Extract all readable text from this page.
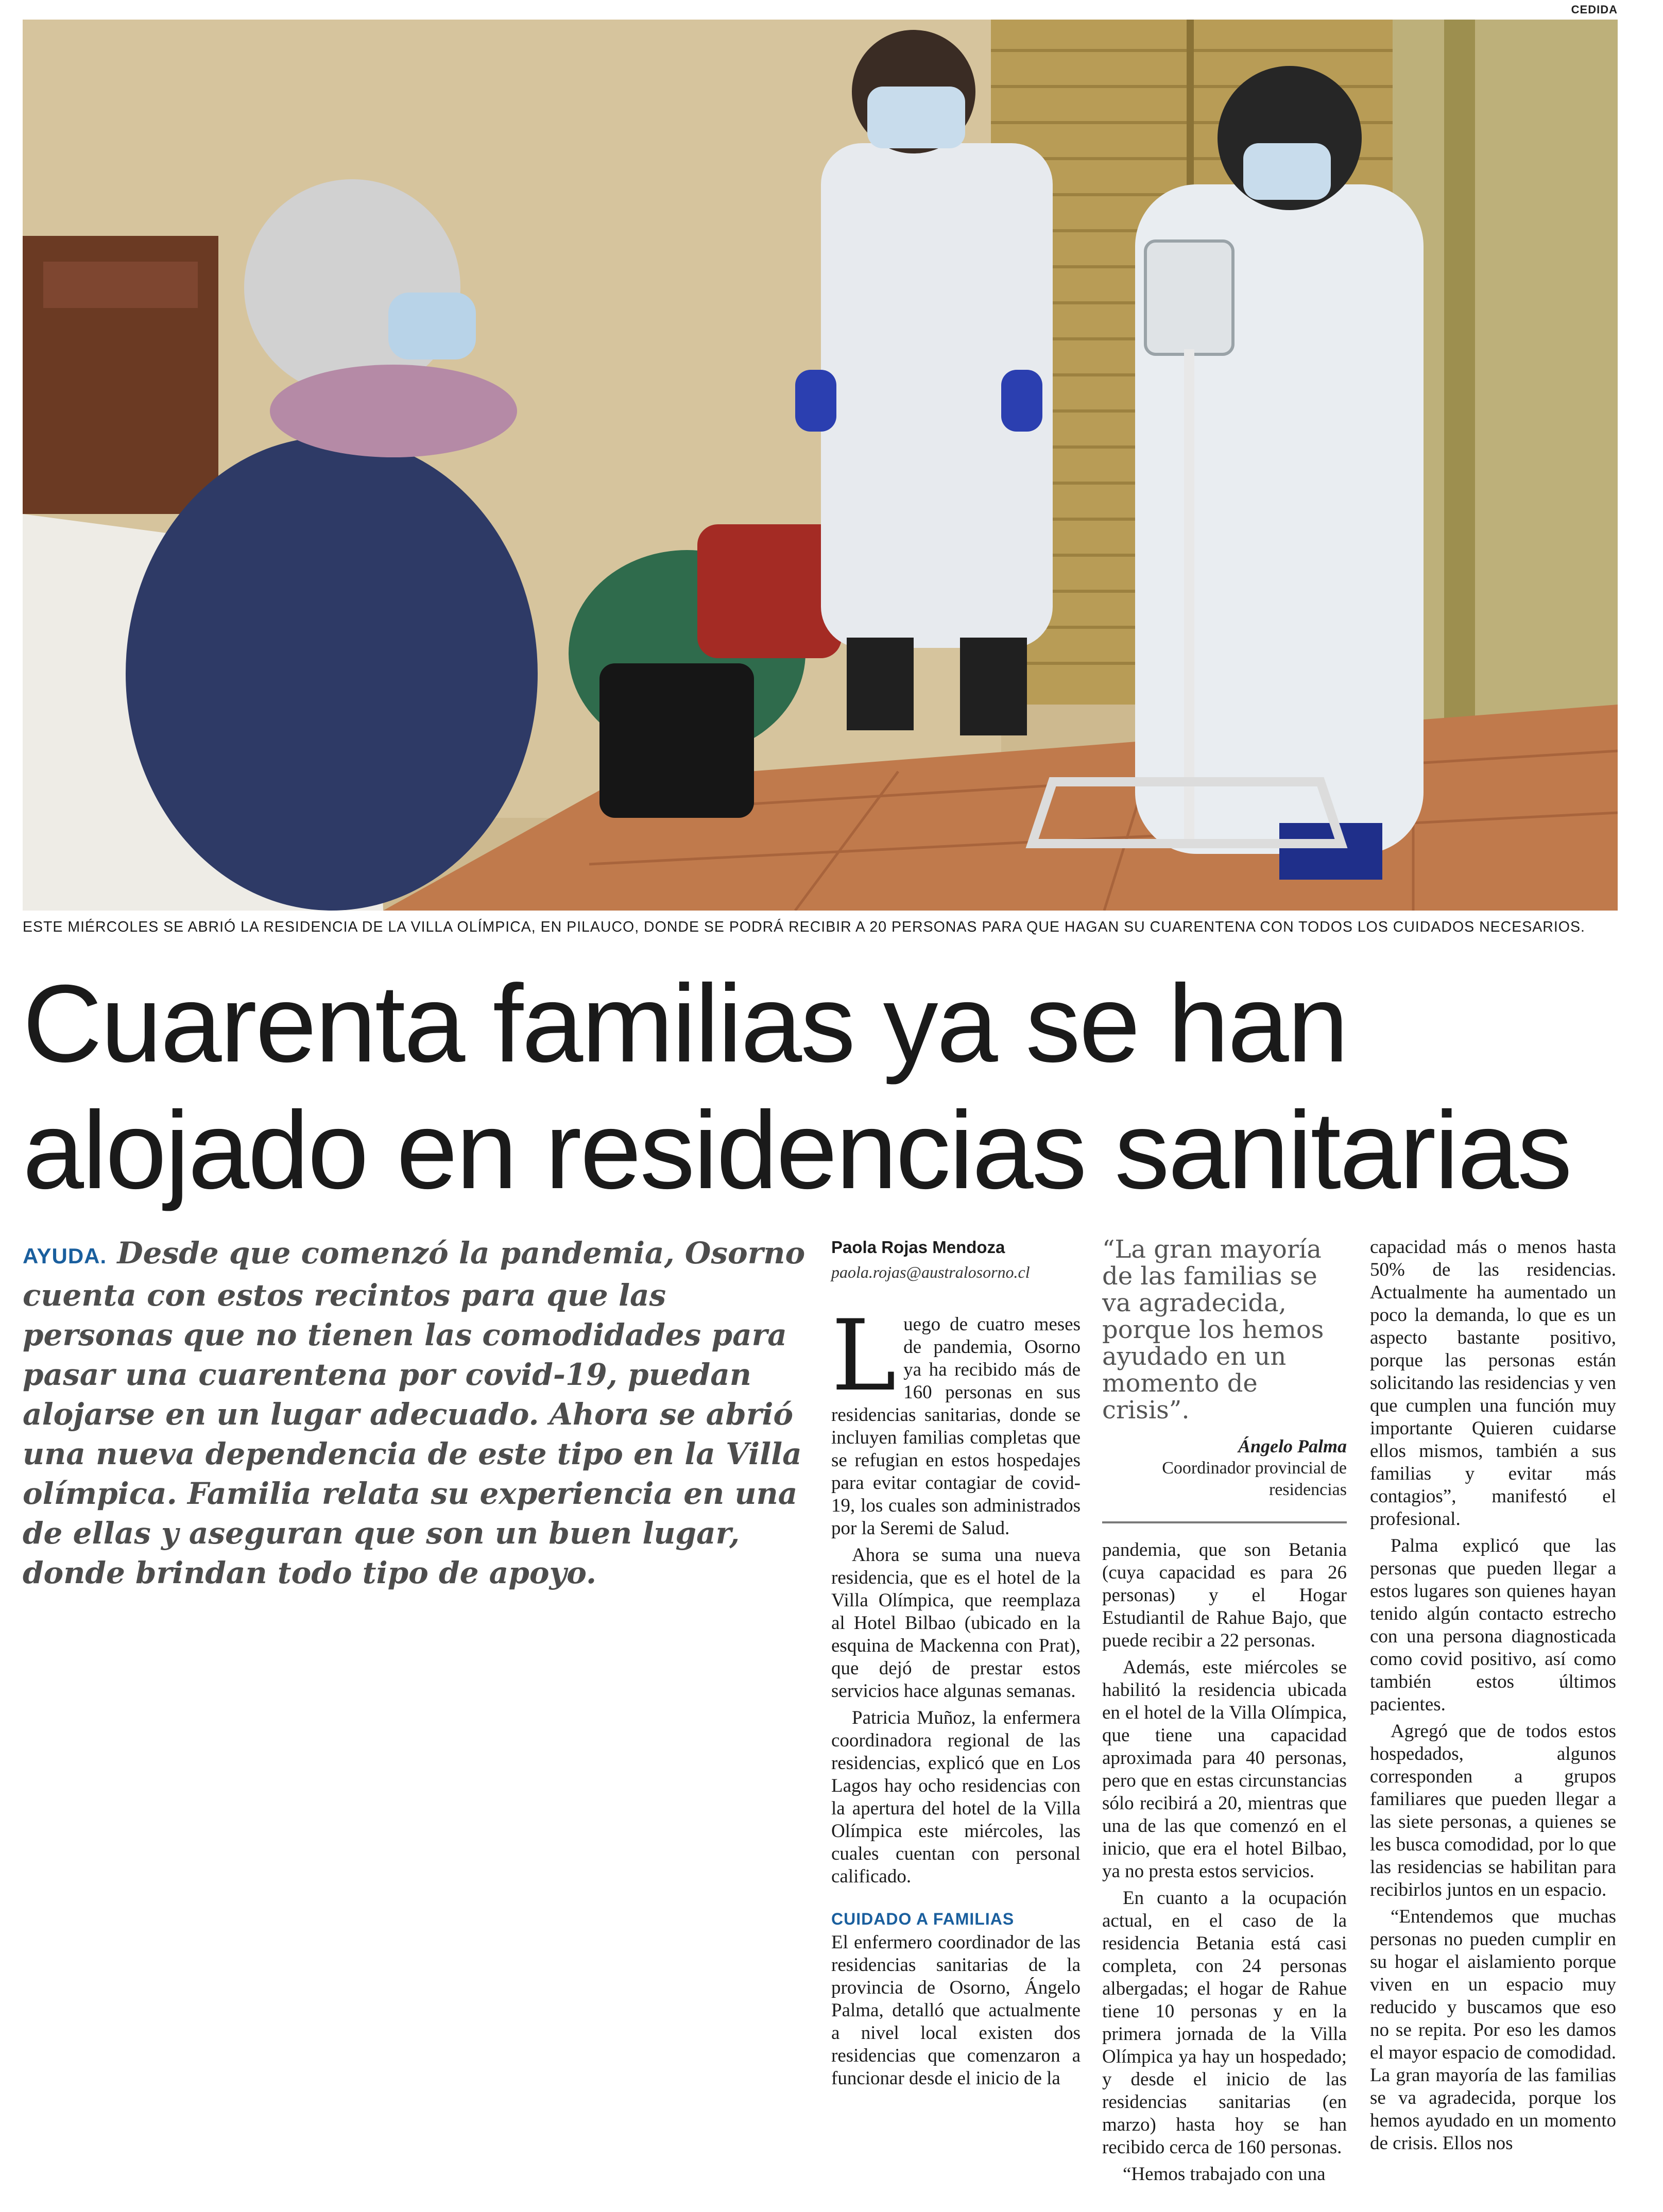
CEDIDA
ESTE MIÉRCOLES SE ABRIÓ LA RESIDENCIA DE LA VILLA OLÍMPICA, EN PILAUCO, DONDE SE PODRÁ RECIBIR A 20 PERSONAS PARA QUE HAGAN SU CUARENTENA CON TODOS LOS CUIDADOS NECESARIOS.
Cuarenta familias ya se han
alojado en residencias sanitarias

AYUDA. Desde que comenzó la pandemia, Osorno cuenta con estos recintos para que las personas que no tienen las comodidades para pasar una cuarentena por covid-19, puedan alojarse en un lugar adecuado. Ahora se abrió una nueva dependencia de este tipo en la Villa olímpica. Familia relata su experiencia en una de ellas y aseguran que son un buen lugar, donde brindan todo tipo de apoyo.

Paola Rojas Mendoza
paola.rojas@australosorno.cl

Luego de cuatro meses de pandemia, Osorno ya ha recibido más de 160 personas en sus residencias sanitarias, donde se incluyen familias completas que se refugian en estos hospedajes para evitar contagiar de covid-19, los cuales son administrados por la Seremi de Salud.

Ahora se suma una nueva residencia, que es el hotel de la Villa Olímpica, que reemplaza al Hotel Bilbao (ubicado en la esquina de Mackenna con Prat), que dejó de prestar estos servicios hace algunas semanas.

Patricia Muñoz, la enfermera coordinadora regional de las residencias, explicó que en Los Lagos hay ocho residencias con la apertura del hotel de la Villa Olímpica este miércoles, las cuales cuentan con personal calificado.

CUIDADO A FAMILIAS

El enfermero coordinador de las residencias sanitarias de la provincia de Osorno, Ángelo Palma, detalló que actualmente a nivel local existen dos residencias que comenzaron a funcionar desde el inicio de la

“La gran mayoría de las familias se va agradecida, porque los hemos ayudado en un momento de crisis”.
Ángelo Palma
Coordinador provincial de residencias

pandemia, que son Betania (cuya capacidad es para 26 personas) y el Hogar Estudiantil de Rahue Bajo, que puede recibir a 22 personas.

Además, este miércoles se habilitó la residencia ubicada en el hotel de la Villa Olímpica, que tiene una capacidad aproximada para 40 personas, pero que en estas circunstancias sólo recibirá a 20, mientras que una de las que comenzó en el inicio, que era el hotel Bilbao, ya no presta estos servicios.

En cuanto a la ocupación actual, en el caso de la residencia Betania está casi completa, con 24 personas albergadas; el hogar de Rahue tiene 10 personas y en la primera jornada de la Villa Olímpica ya hay un hospedado; y desde el inicio de las residencias sanitarias (en marzo) hasta hoy se han recibido cerca de 160 personas.

“Hemos trabajado con una

capacidad más o menos hasta 50% de las residencias. Actualmente ha aumentado un poco la demanda, lo que es un aspecto bastante positivo, porque las personas están solicitando las residencias y ven que cumplen una función muy importante Quieren cuidarse ellos mismos, también a sus familias y evitar más contagios”, manifestó el profesional.

Palma explicó que las personas que pueden llegar a estos lugares son quienes hayan tenido algún contacto estrecho con una persona diagnosticada como covid positivo, así como también estos últimos pacientes.

Agregó que de todos estos hospedados, algunos corresponden a grupos familiares que pueden llegar a las siete personas, a quienes se les busca comodidad, por lo que las residencias se habilitan para recibirlos juntos en un espacio.

“Entendemos que muchas personas no pueden cumplir en su hogar el aislamiento porque viven en un espacio muy reducido y buscamos que eso no se repita. Por eso les damos el mayor espacio de comodidad. La gran mayoría de las familias se va agradecida, porque los hemos ayudado en un momento de crisis. Ellos nos
